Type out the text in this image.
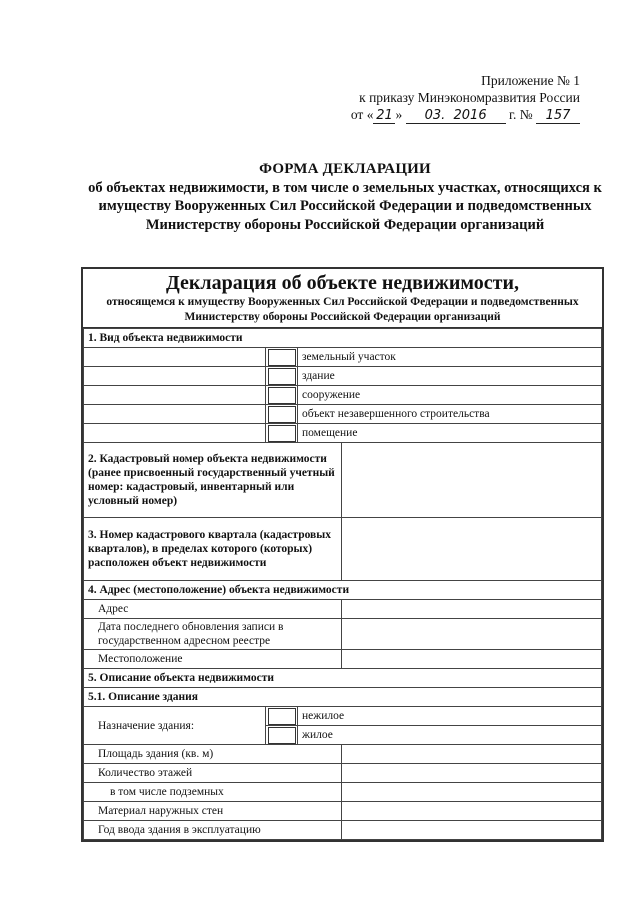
Приложение № 1
к приказу Минэкономразвития России
от « 21 » 03. 2016 г. № 157
ФОРМА ДЕКЛАРАЦИИ
об объектах недвижимости, в том числе о земельных участках, относящихся к имуществу Вооруженных Сил Российской Федерации и подведомственных Министерству обороны Российской Федерации организаций
Декларация об объекте недвижимости,
относящемся к имуществу Вооруженных Сил Российской Федерации и подведомственных Министерству обороны Российской Федерации организаций
1. Вид объекта недвижимости			

	земельный участок	

	здание	

	сооружение	

	объект незавершенного строительства	

	помещение	
2. Кадастровый номер объекта недвижимости (ранее присвоенный государственный учетный номер: кадастровый, инвентарный или условный номер)			
3. Номер кадастрового квартала (кадастровых кварталов), в пределах которого (которых) расположен объект недвижимости			
4. Адрес (местоположение) объекта недвижимости			
Адрес			
Дата последнего обновления записи в государственном адресном реестре			
Местоположение			
5. Описание объекта недвижимости			
5.1. Описание здания			
Назначение здания:		нежилое	

		жилое	
Площадь здания (кв. м)			
Количество этажей			
в том числе подземных			
Материал наружных стен			
Год ввода здания в эксплуатацию			
